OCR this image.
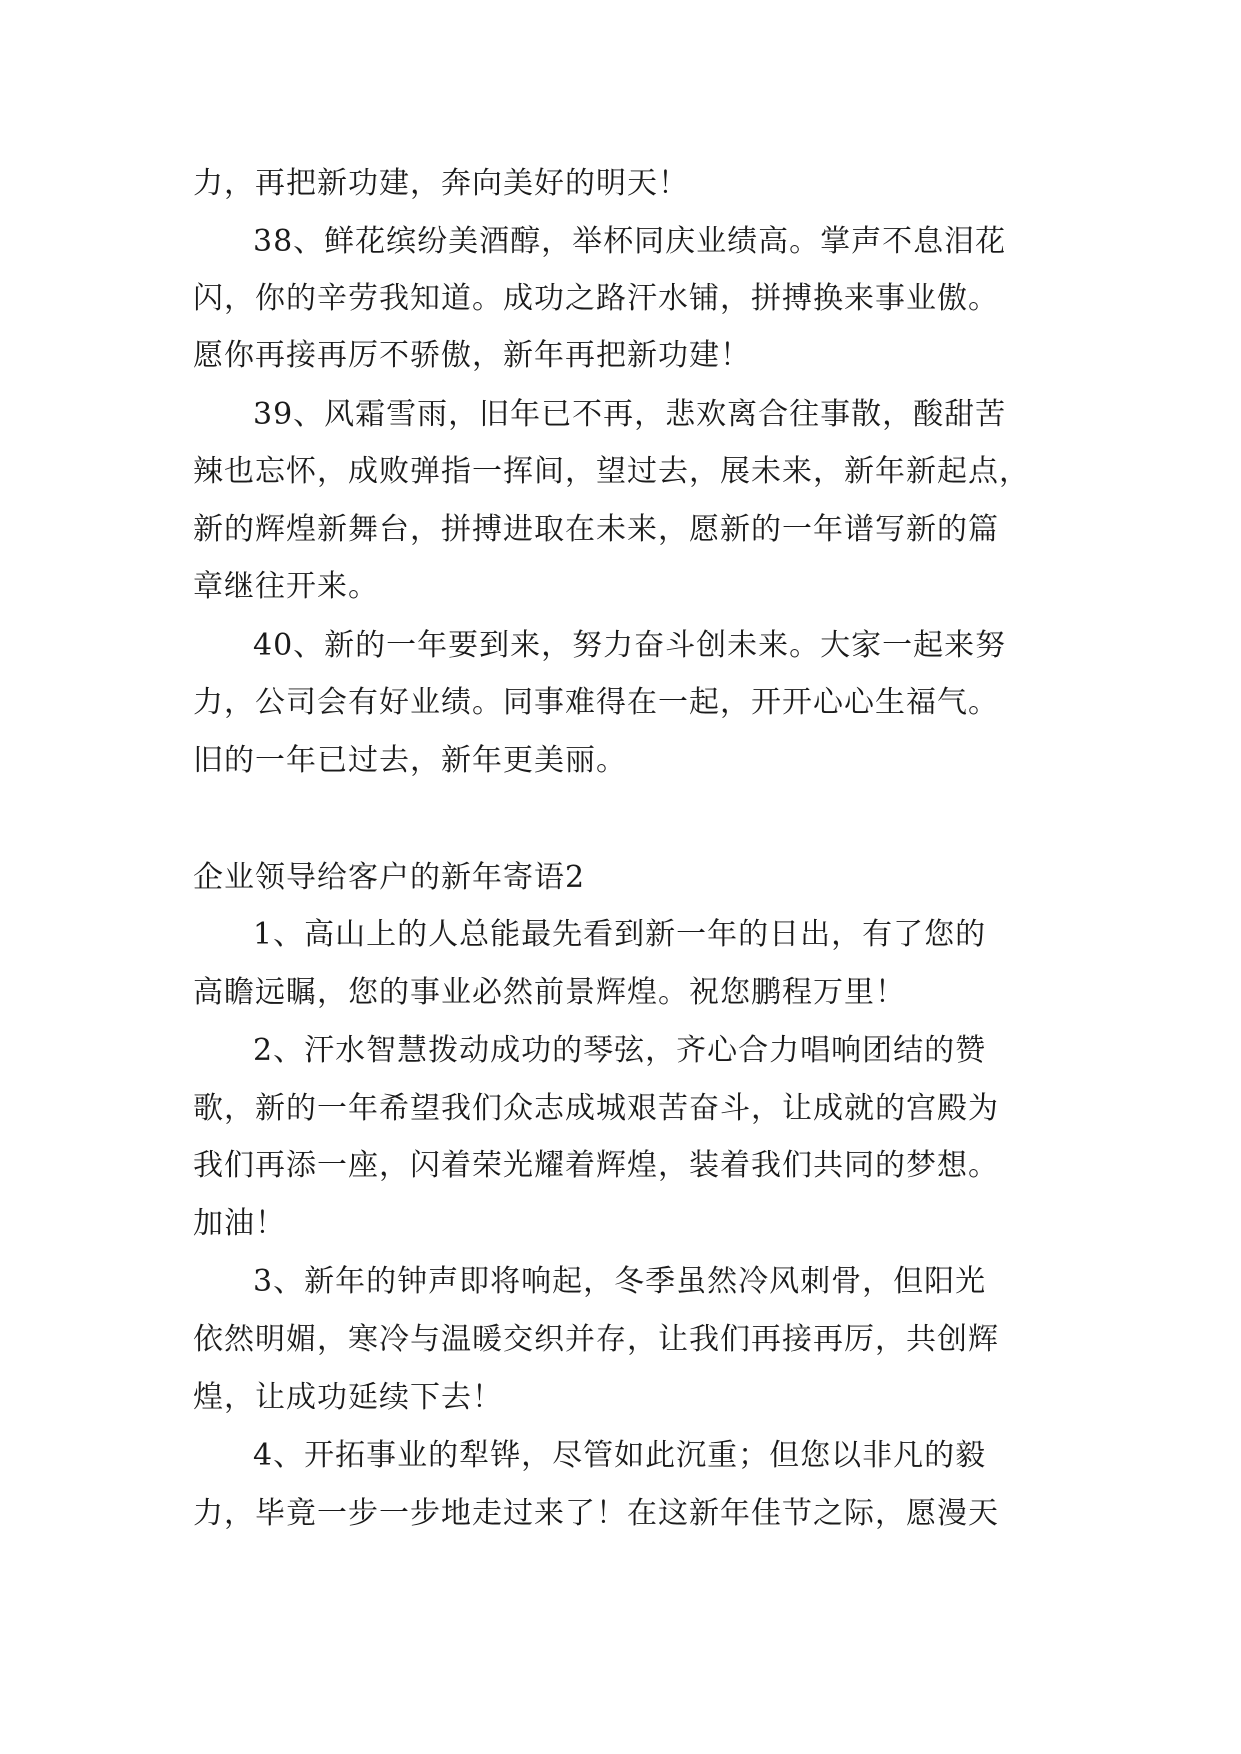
力，再把新功建，奔向美好的明天！
38、鲜花缤纷美酒醇，举杯同庆业绩高。掌声不息泪花
闪，你的辛劳我知道。成功之路汗水铺，拼搏换来事业傲。
愿你再接再厉不骄傲，新年再把新功建！
39、风霜雪雨，旧年已不再，悲欢离合往事散，酸甜苦
辣也忘怀，成败弹指一挥间，望过去，展未来，新年新起点，
新的辉煌新舞台，拼搏进取在未来，愿新的一年谱写新的篇
章继往开来。
40、新的一年要到来，努力奋斗创未来。大家一起来努
力，公司会有好业绩。同事难得在一起，开开心心生福气。
旧的一年已过去，新年更美丽。
企业领导给客户的新年寄语2
1、高山上的人总能最先看到新一年的日出，有了您的
高瞻远瞩，您的事业必然前景辉煌。祝您鹏程万里！
2、汗水智慧拨动成功的琴弦，齐心合力唱响团结的赞
歌，新的一年希望我们众志成城艰苦奋斗，让成就的宫殿为
我们再添一座，闪着荣光耀着辉煌，装着我们共同的梦想。
加油！
3、新年的钟声即将响起，冬季虽然冷风刺骨，但阳光
依然明媚，寒冷与温暖交织并存，让我们再接再厉，共创辉
煌，让成功延续下去！
4、开拓事业的犁铧，尽管如此沉重；但您以非凡的毅
力，毕竟一步一步地走过来了！在这新年佳节之际，愿漫天
